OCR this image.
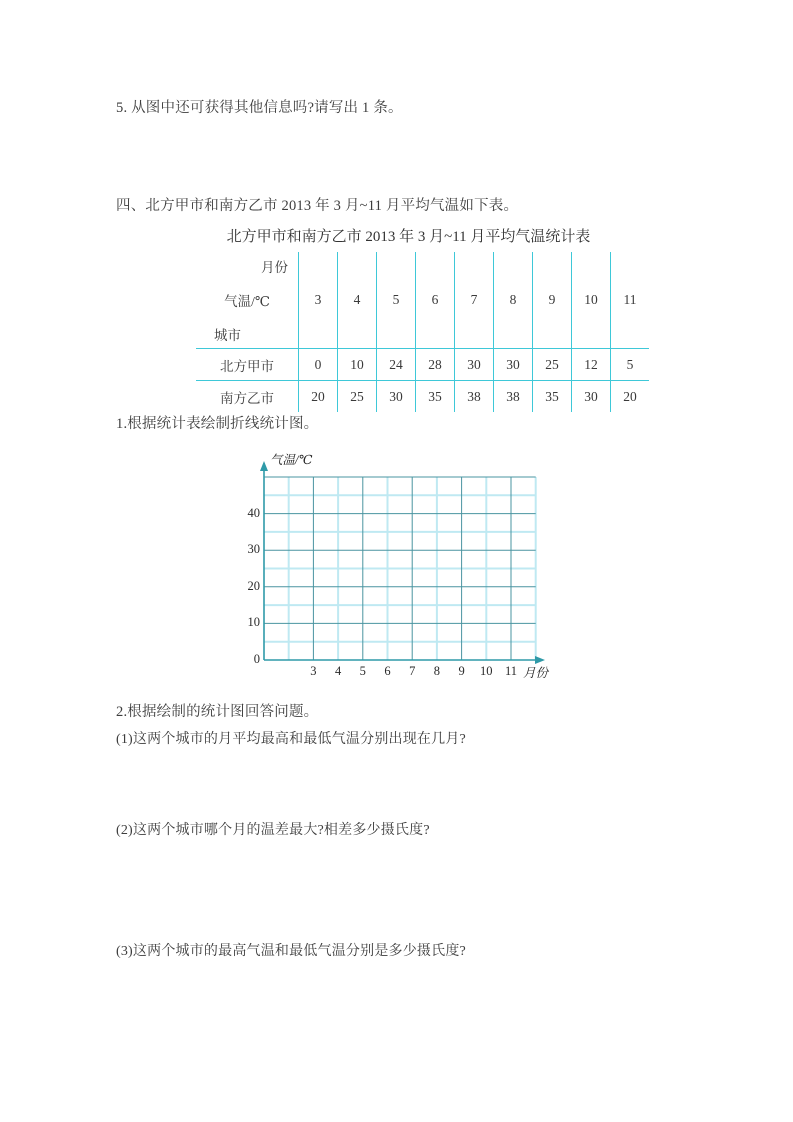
5. 从图中还可获得其他信息吗?请写出 1 条。
四、北方甲市和南方乙市 2013 年 3 月~11 月平均气温如下表。
北方甲市和南方乙市 2013 年 3 月~11 月平均气温统计表
月份
气温/℃
城市	3	4	5	6	7	8	9	10	11
北方甲市	0	10	24	28	30	30	25	12	5
南方乙市	20	25	30	35	38	38	35	30	20
1.根据统计表绘制折线统计图。
气温/℃
月份
0
10
20
30
40
3	4	5	6	7	8	9	10 11
2.根据绘制的统计图回答问题。
(1)这两个城市的月平均最高和最低气温分别出现在几月?
(2)这两个城市哪个月的温差最大?相差多少摄氏度?
(3)这两个城市的最高气温和最低气温分别是多少摄氏度?
